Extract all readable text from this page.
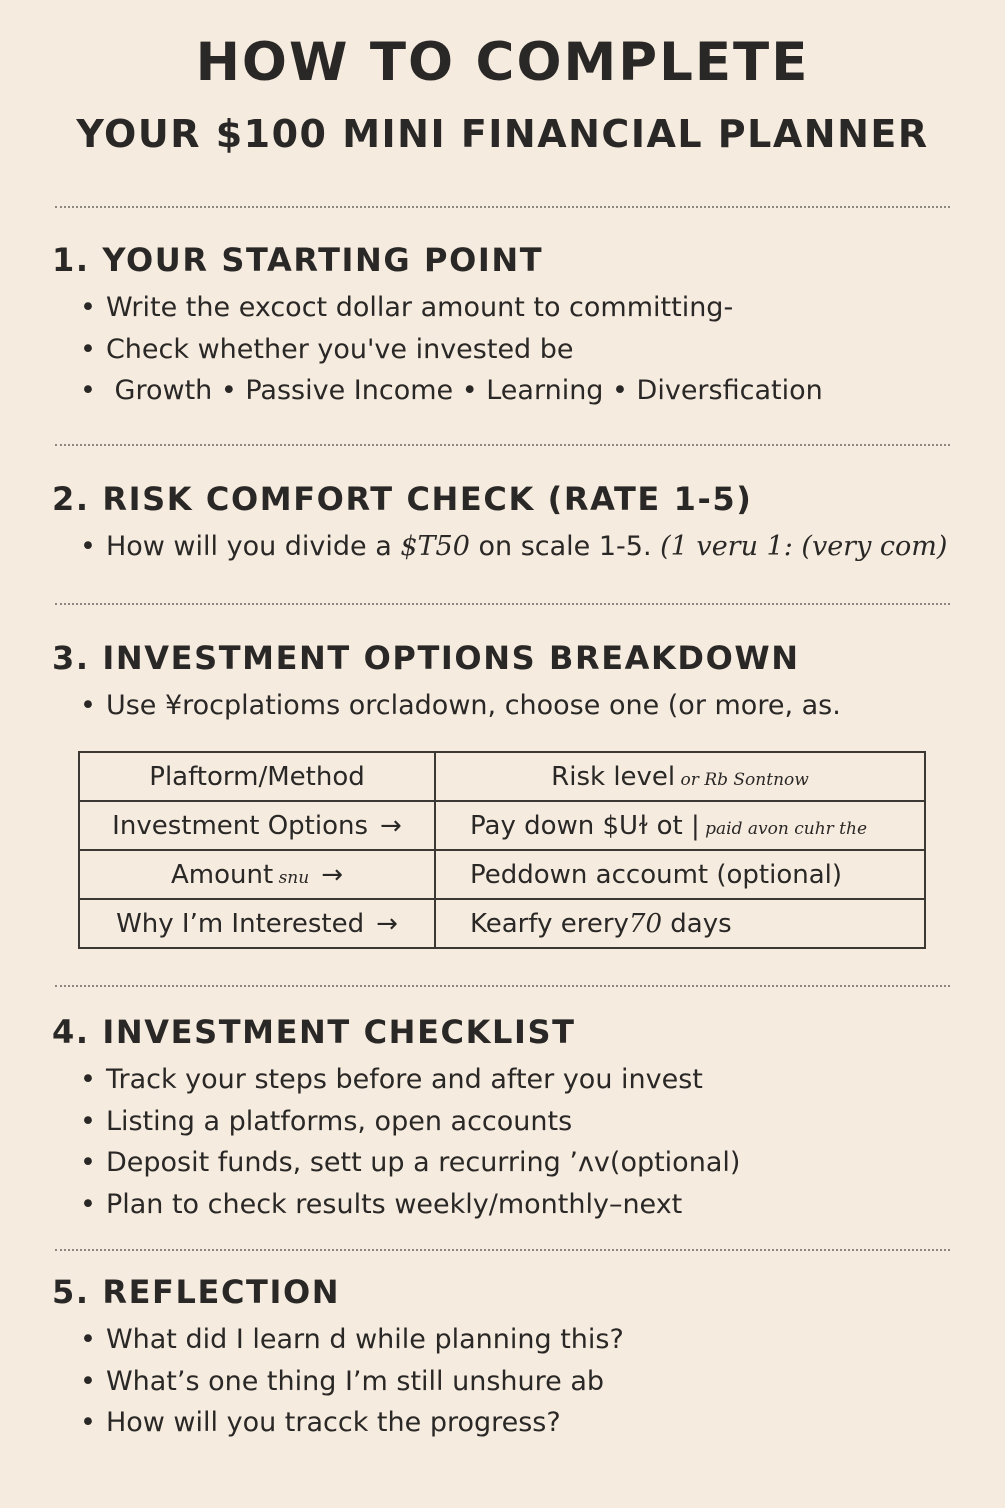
HOW TO COMPLETE
YOUR $100 MINI FINANCIAL PLANNER
1. YOUR STARTING POINT
• Write the excoct dollar amount to committing-
• Check whether you've invested be
• Growth • Passive Income • Learning • Diversfication
2. RISK COMFORT CHECK (RATE 1-5)
• How will you divide a $T50 on scale 1-5. (1 veru 1: (very com)
3. INVESTMENT OPTIONS BREAKDOWN
• Use ¥rocplatioms orcladown, choose one (or more, as.
Plaftorm/Method	Risk level or Rb Sontnow
Investment Options →	Pay down $Uɫ ot | paid avon cuhr the
Amount snu →	Peddown accoumt (optional)
Why I’m Interested →	Kearfy erery70 days
4. INVESTMENT CHECKLIST
• Track your steps before and after you invest
• Listing a platforms, open accounts
• Deposit funds, sett up a recurring ’ʌv(optional)
• Plan to check results weekly/monthly–next
5. REFLECTION
• What did I learn d while planning this?
• What’s one thing I’m still unshure ab
• How will you tracck the progress?
